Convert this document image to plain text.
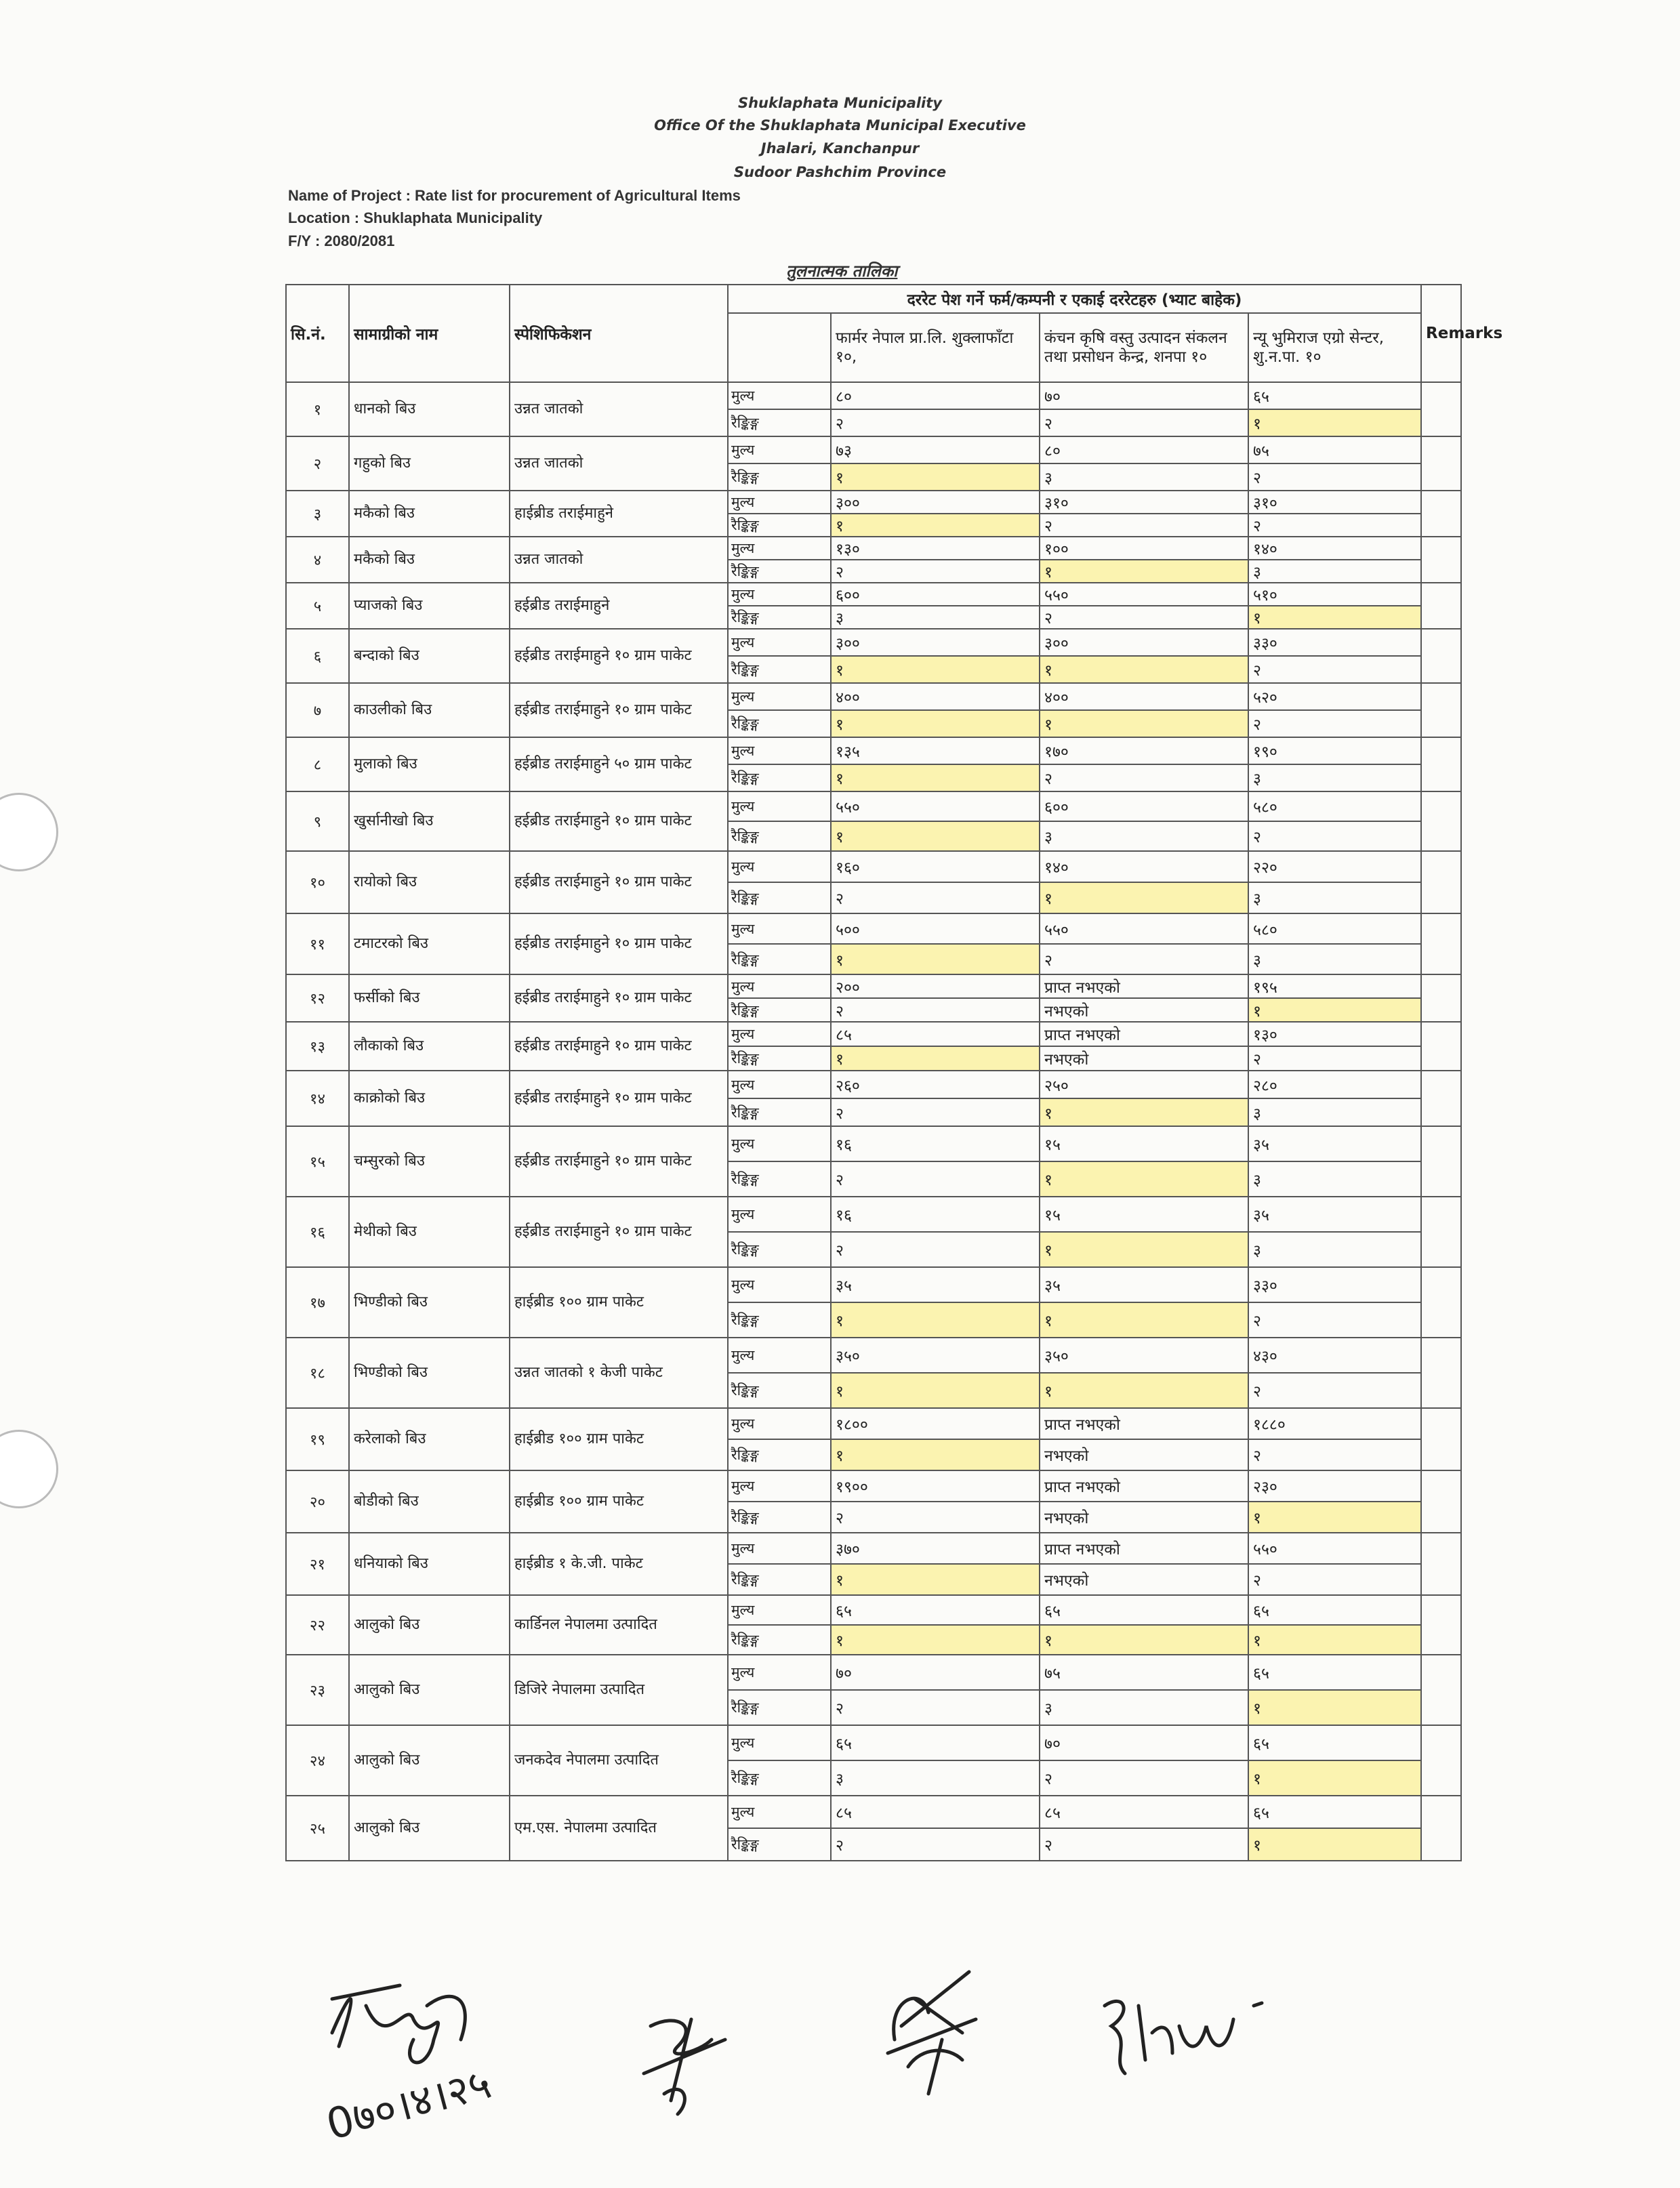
Shuklaphata Municipality
Office Of the Shuklaphata Municipal Executive
Jhalari, Kanchanpur
Sudoor Pashchim Province
Name of Project : Rate list for procurement of Agricultural Items
Location : Shuklaphata Municipality
F/Y : 2080/2081
तुलनात्मक तालिका
सि.नं.	सामाग्रीको नाम	स्पेशिफिकेशन	दररेट पेश गर्ने फर्म/कम्पनी र एकाई दररेटहरु (भ्याट बाहेक)				Remarks
				फार्मर नेपाल प्रा.लि. शुक्लाफाँटा १०,	कंचन कृषि वस्तु उत्पादन संकलन तथा प्रसोधन केन्द्र, शनपा १०	न्यू भुमिराज एग्रो सेन्टर, शु.न.पा. १०	
१	धानको बिउ	उन्नत जातको	मुल्य	८०	७०	६५	
			रैङ्किङ्ग	२	२	१	
२	गहुको बिउ	उन्नत जातको	मुल्य	७३	८०	७५	
			रैङ्किङ्ग	१	३	२	
३	मकैको बिउ	हाईब्रीड तराईमाहुने	मुल्य	३००	३१०	३१०	
			रैङ्किङ्ग	१	२	२	
४	मकैको बिउ	उन्नत जातको	मुल्य	१३०	१००	१४०	
			रैङ्किङ्ग	२	१	३	
५	प्याजको बिउ	हईब्रीड तराईमाहुने	मुल्य	६००	५५०	५१०	
			रैङ्किङ्ग	३	२	१	
६	बन्दाको बिउ	हईब्रीड तराईमाहुने १० ग्राम पाकेट	मुल्य	३००	३००	३३०	
			रैङ्किङ्ग	१	१	२	
७	काउलीको बिउ	हईब्रीड तराईमाहुने १० ग्राम पाकेट	मुल्य	४००	४००	५२०	
			रैङ्किङ्ग	१	१	२	
८	मुलाको बिउ	हईब्रीड तराईमाहुने ५० ग्राम पाकेट	मुल्य	१३५	१७०	१९०	
			रैङ्किङ्ग	१	२	३	
९	खुर्सानीखो बिउ	हईब्रीड तराईमाहुने १० ग्राम पाकेट	मुल्य	५५०	६००	५८०	
			रैङ्किङ्ग	१	३	२	
१०	रायोको बिउ	हईब्रीड तराईमाहुने १० ग्राम पाकेट	मुल्य	१६०	१४०	२२०	
			रैङ्किङ्ग	२	१	३	
११	टमाटरको बिउ	हईब्रीड तराईमाहुने १० ग्राम पाकेट	मुल्य	५००	५५०	५८०	
			रैङ्किङ्ग	१	२	३	
१२	फर्सीको बिउ	हईब्रीड तराईमाहुने १० ग्राम पाकेट	मुल्य	२००	प्राप्त नभएको	१९५	
			रैङ्किङ्ग	२	नभएको	१	
१३	लौकाको बिउ	हईब्रीड तराईमाहुने १० ग्राम पाकेट	मुल्य	८५	प्राप्त नभएको	१३०	
			रैङ्किङ्ग	१	नभएको	२	
१४	काक्रोको बिउ	हईब्रीड तराईमाहुने १० ग्राम पाकेट	मुल्य	२६०	२५०	२८०	
			रैङ्किङ्ग	२	१	३	
१५	चम्सुरको बिउ	हईब्रीड तराईमाहुने १० ग्राम पाकेट	मुल्य	१६	१५	३५	
			रैङ्किङ्ग	२	१	३	
१६	मेथीको बिउ	हईब्रीड तराईमाहुने १० ग्राम पाकेट	मुल्य	१६	१५	३५	
			रैङ्किङ्ग	२	१	३	
१७	भिण्डीको बिउ	हाईब्रीड १०० ग्राम पाकेट	मुल्य	३५	३५	३३०	
			रैङ्किङ्ग	१	१	२	
१८	भिण्डीको बिउ	उन्नत जातको १ केजी पाकेट	मुल्य	३५०	३५०	४३०	
			रैङ्किङ्ग	१	१	२	
१९	करेलाको बिउ	हाईब्रीड १०० ग्राम पाकेट	मुल्य	१८००	प्राप्त नभएको	१८८०	
			रैङ्किङ्ग	१	नभएको	२	
२०	बोडीको बिउ	हाईब्रीड १०० ग्राम पाकेट	मुल्य	१९००	प्राप्त नभएको	२३०	
			रैङ्किङ्ग	२	नभएको	१	
२१	धनियाको बिउ	हाईब्रीड १ के.जी. पाकेट	मुल्य	३७०	प्राप्त नभएको	५५०	
			रैङ्किङ्ग	१	नभएको	२	
२२	आलुको बिउ	कार्डिनल नेपालमा उत्पादित	मुल्य	६५	६५	६५	
			रैङ्किङ्ग	१	१	१	
२३	आलुको बिउ	डिजिरे नेपालमा उत्पादित	मुल्य	७०	७५	६५	
			रैङ्किङ्ग	२	३	१	
२४	आलुको बिउ	जनकदेव नेपालमा उत्पादित	मुल्य	६५	७०	६५	
			रैङ्किङ्ग	३	२	१	
२५	आलुको बिउ	एम.एस. नेपालमा उत्पादित	मुल्य	८५	८५	६५	
			रैङ्किङ्ग	२	२	१	
0७०।४।२५
